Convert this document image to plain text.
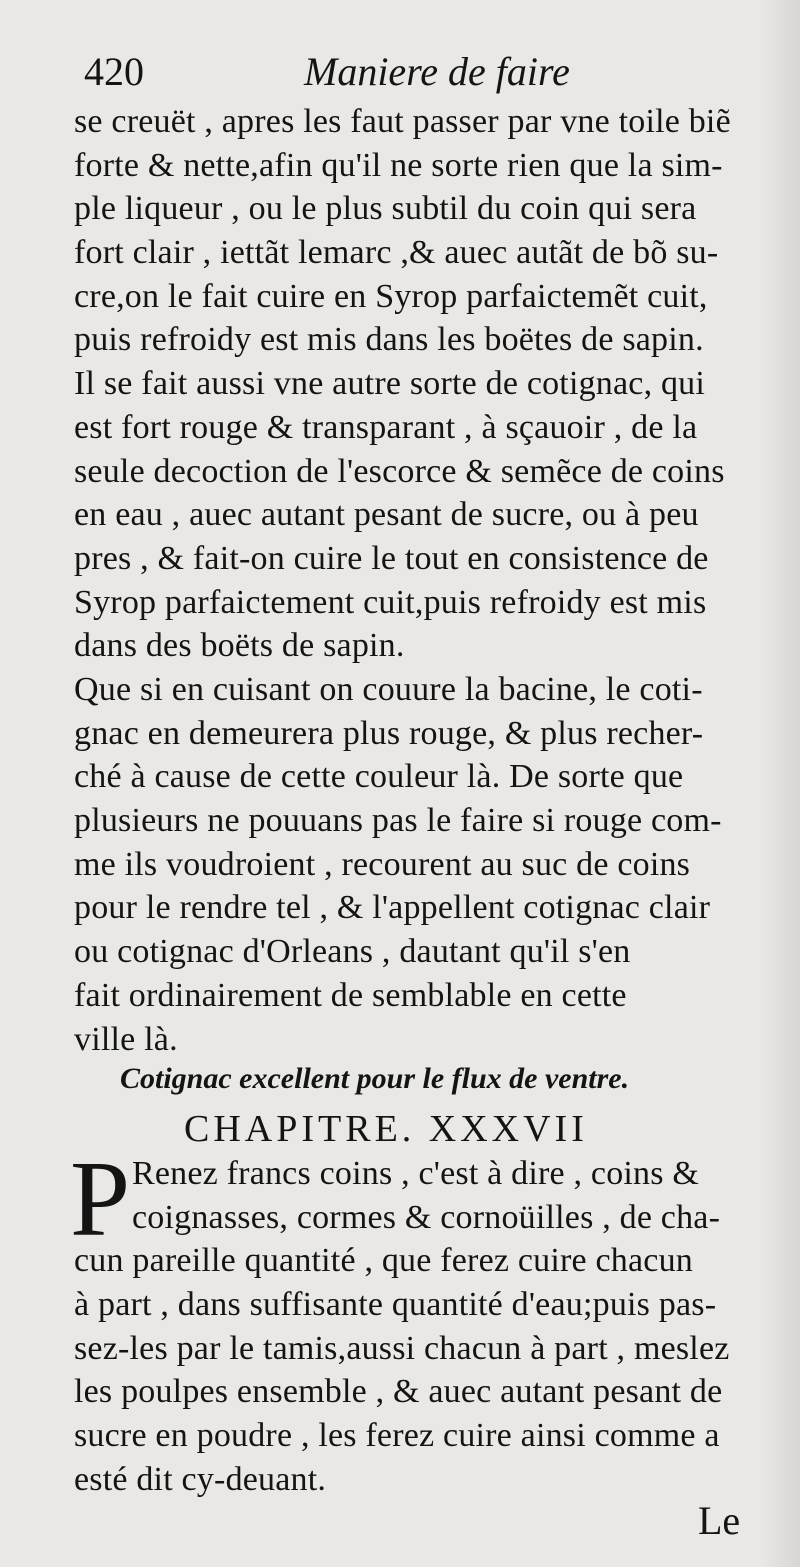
420	Maniere de faire
se creuët , apres les faut passer par vne toile biẽ
forte & nette,afin qu'il ne sorte rien que la sim-
ple liqueur , ou le plus subtil du coin qui sera
fort clair , iettãt lemarc ,& auec autãt de bõ su-
cre,on le fait cuire en Syrop parfaictemẽt cuit,
puis refroidy est mis dans les boëtes de sapin.
Il se fait aussi vne autre sorte de cotignac, qui
est fort rouge & transparant , à sçauoir , de la
seule decoction de l'escorce & semẽce de coins
en eau , auec autant pesant de sucre, ou à peu
pres , & fait-on cuire le tout en consistence de
Syrop parfaictement cuit,puis refroidy est mis
dans des boëts de sapin.
Que si en cuisant on couure la bacine, le coti-
gnac en demeurera plus rouge, & plus recher-
ché à cause de cette couleur là. De sorte que
plusieurs ne pouuans pas le faire si rouge com-
me ils voudroient , recourent au suc de coins
pour le rendre tel , & l'appellent cotignac clair
ou cotignac d'Orleans , dautant qu'il s'en
fait ordinairement de semblable en cette
ville là.
Cotignac excellent pour le flux de ventre.
CHAPITRE. XXXVII
P Renez francs coins , c'est à dire , coins &
coignasses, cormes & cornoüilles , de cha-
cun pareille quantité , que ferez cuire chacun
à part , dans suffisante quantité d'eau;puis pas-
sez-les par le tamis,aussi chacun à part , meslez
les poulpes ensemble , & auec autant pesant de
sucre en poudre , les ferez cuire ainsi comme a
esté dit cy-deuant.
Le
